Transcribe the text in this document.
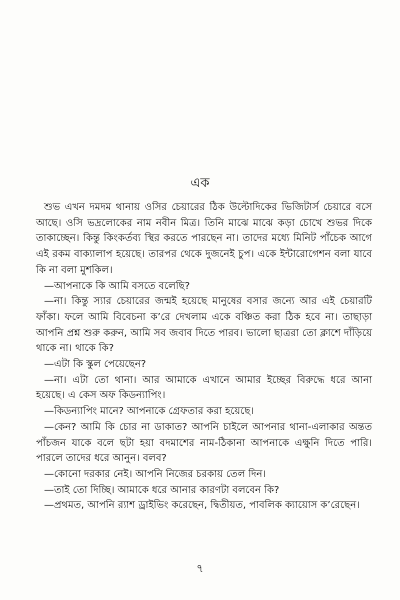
এক

শুভ এখন দমদম থানায় ওসির চেয়ারের ঠিক উল্টোদিকের ভিজিটার্স চেয়ারে বসে আছে। ওসি ভদ্রলোকের নাম নবীন মিত্র। তিনি মাঝে মাঝে কড়া চোখে শুভর দিকে তাকাচ্ছেন। কিন্তু কিংকর্তব্য স্থির করতে পারছেন না। তাদের মধ্যে মিনিট পাঁচেক আগে এই রকম বাক্যালাপ হয়েছে। তারপর থেকে দুজনেই চুপ। একে ইন্টারোগেশন বলা যাবে কি না বলা মুশকিল।

—আপনাকে কি আমি বসতে বলেছি?

—না। কিন্তু স্যার চেয়ারের জন্মই হয়েছে মানুষের বসার জন্যে আর এই চেয়ারটি ফাঁকা। ফলে আমি বিবেচনা ক’রে দেখলাম একে বঞ্চিত করা ঠিক হবে না। তাছাড়া আপনি প্রশ্ন শুরু করুন, আমি সব জবাব দিতে পারব। ভালো ছাত্ররা তো ক্লাশে দাঁড়িয়ে থাকে না। থাকে কি?

—এটা কি স্কুল পেয়েছেন?

—না। এটা তো থানা। আর আমাকে এখানে আমার ইচ্ছের বিরুদ্ধে ধরে আনা হয়েছে। এ কেস অফ কিডন্যাপিং।

—কিডন্যাপিং মানে? আপনাকে গ্রেফতার করা হয়েছে।

—কেন? আমি কি চোর না ডাকাত? আপনি চাইলে আপনার থানা-এলাকার অন্তত পাঁচজন যাকে বলে ছটা হয়া বদমাশের নাম-ঠিকানা আপনাকে এক্ষুনি দিতে পারি। পারলে তাদের ধরে আনুন। বলব?

—কোনো দরকার নেই। আপনি নিজের চরকায় তেল দিন।

—তাই তো দিচ্ছি। আমাকে ধরে আনার কারণটা বলবেন কি?

—প্রথমত, আপনি র‍্যাশ ড্রাইভিং করেছেন, দ্বিতীয়ত, পাবলিক ক্যায়োস ক’রেছেন।

৭
